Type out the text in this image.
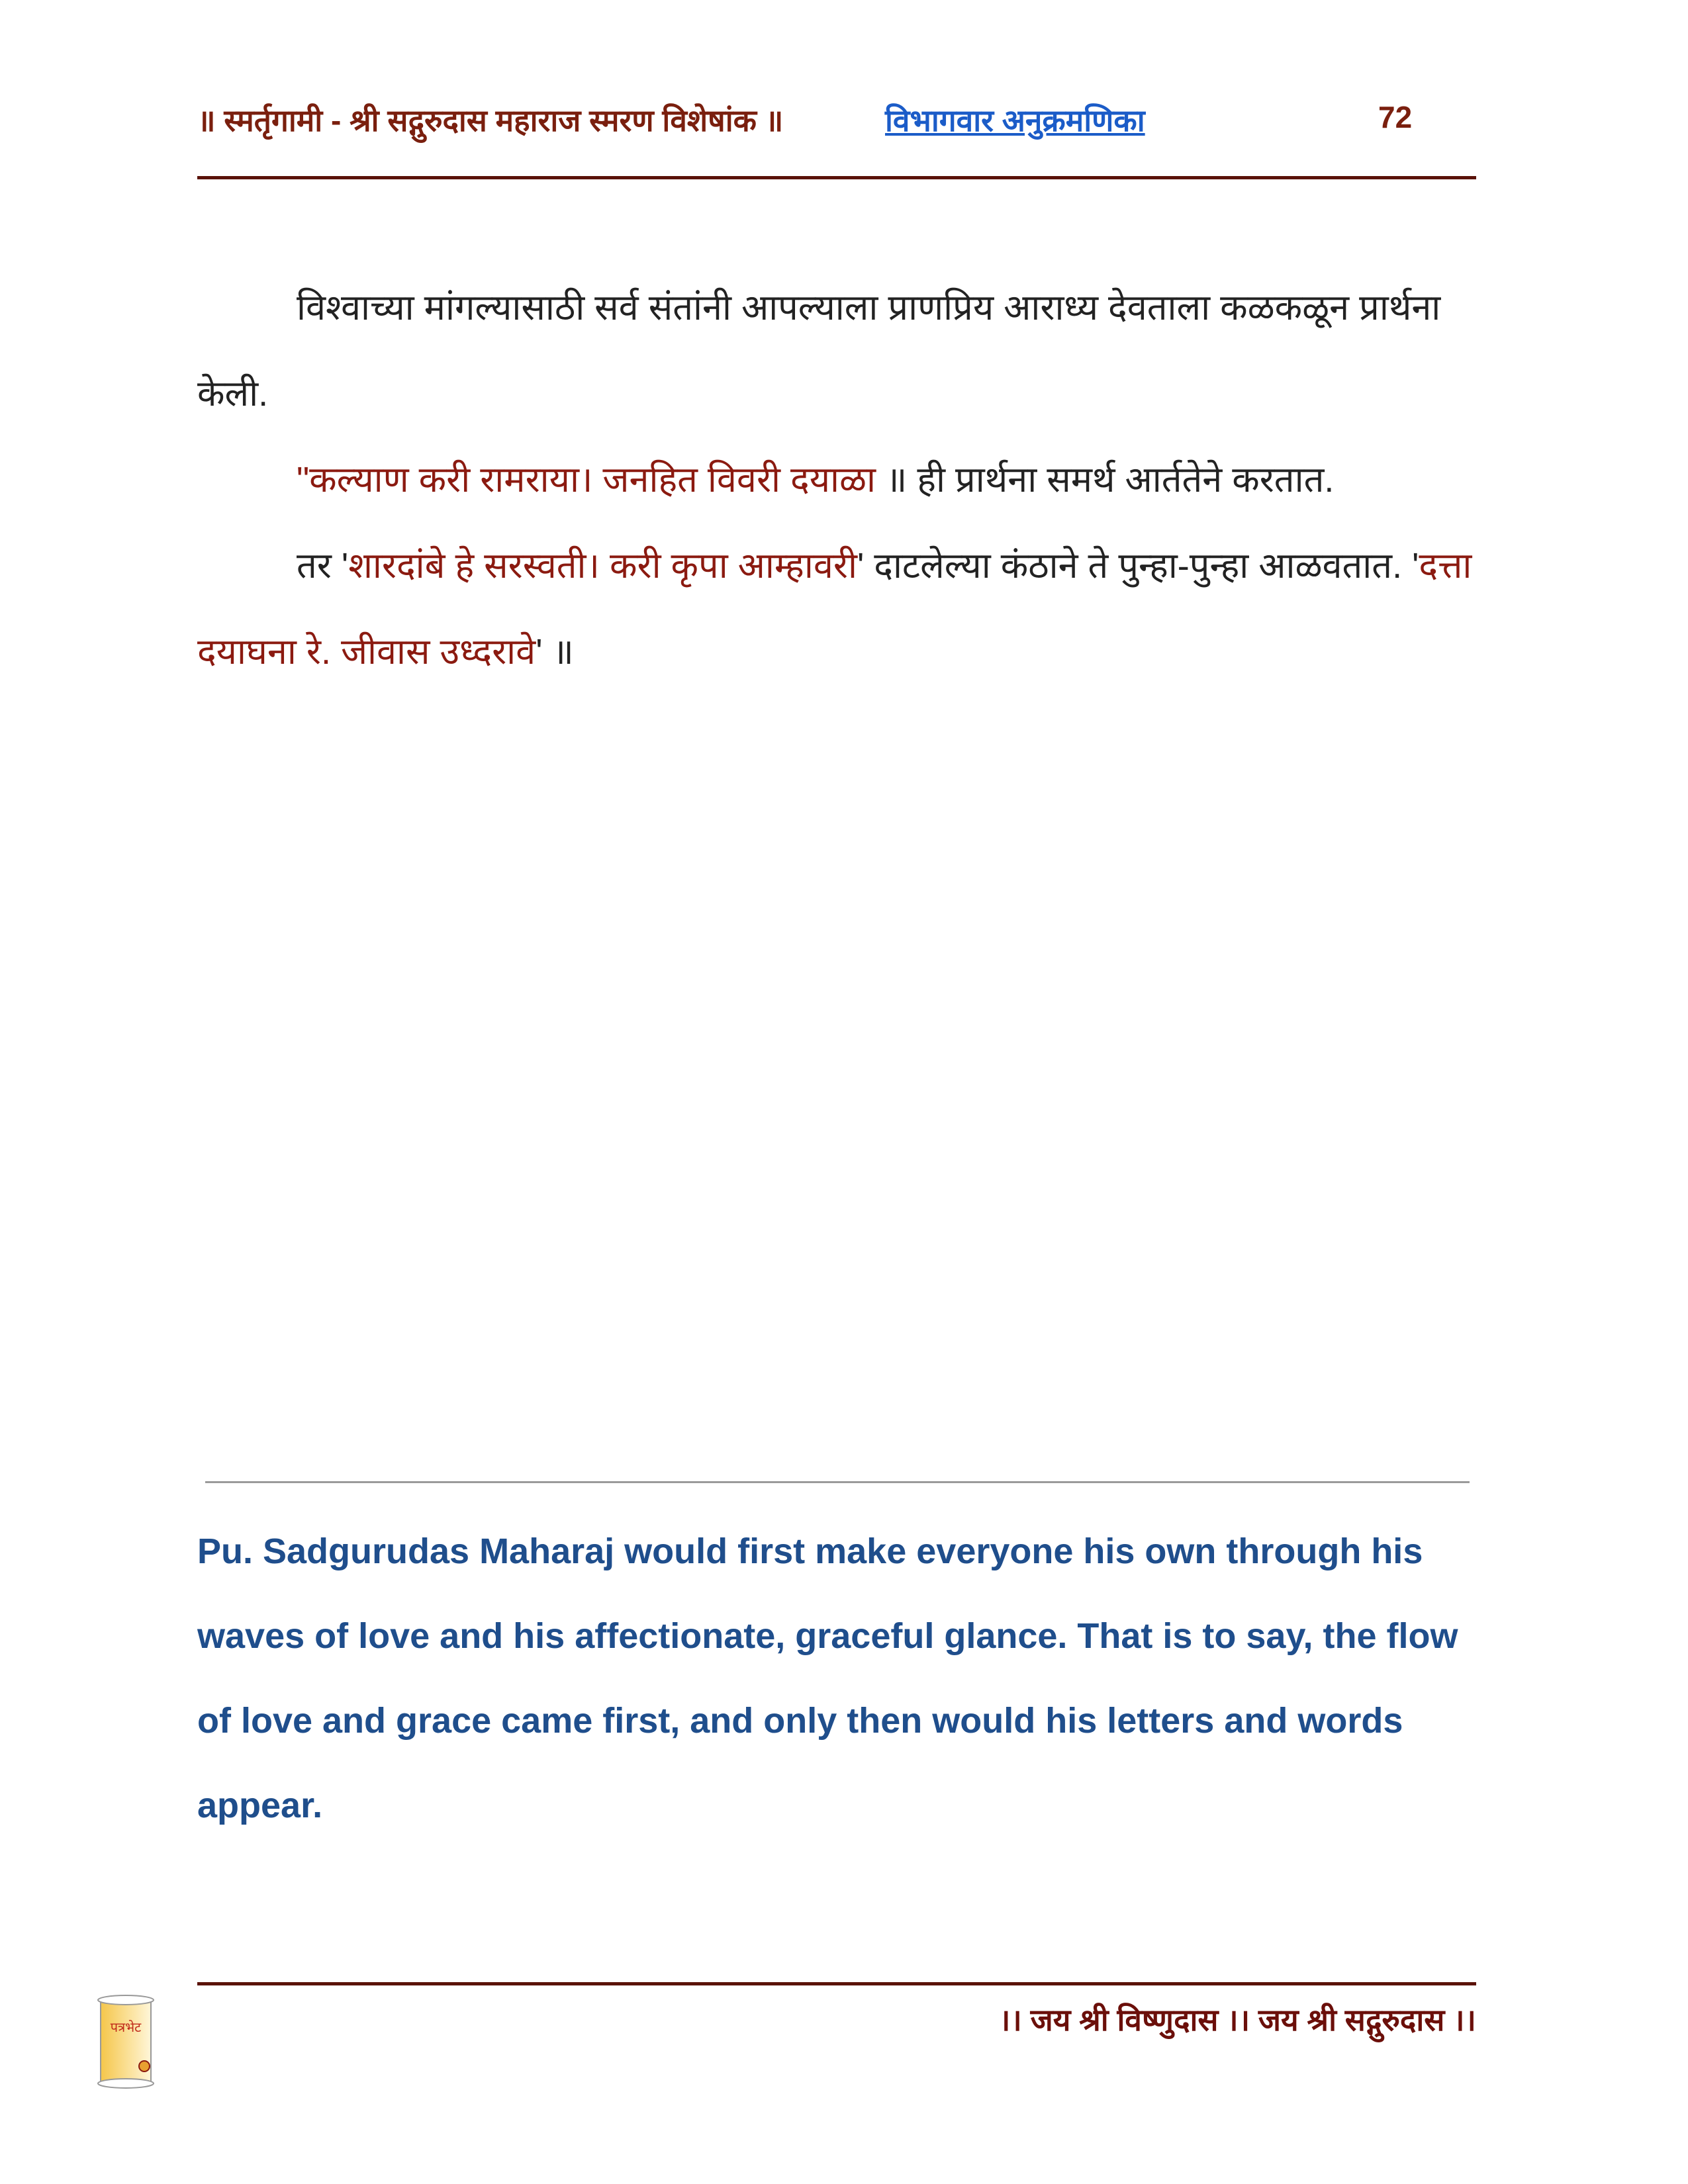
॥ स्मर्तृगामी - श्री सद्गुरुदास महाराज स्मरण विशेषांक ॥	विभागवार अनुक्रमणिका	72

विश्वाच्या मांगल्यासाठी सर्व संतांनी आपल्याला प्राणप्रिय आराध्य देवताला कळकळून प्रार्थना केली.

"कल्याण करी रामराया। जनहित विवरी दयाळा ॥ ही प्रार्थना समर्थ आर्ततेने करतात.

तर 'शारदांबे हे सरस्वती। करी कृपा आम्हावरी' दाटलेल्या कंठाने ते पुन्हा-पुन्हा आळवतात. 'दत्ता दयाघना रे. जीवास उध्दरावे' ॥

Pu. Sadgurudas Maharaj would first make everyone his own through his waves of love and his affectionate, graceful glance. That is to say, the flow of love and grace came first, and only then would his letters and words appear.
।। जय श्री विष्णुदास ।। जय श्री सद्गुरुदास ।।
पत्रभेट
